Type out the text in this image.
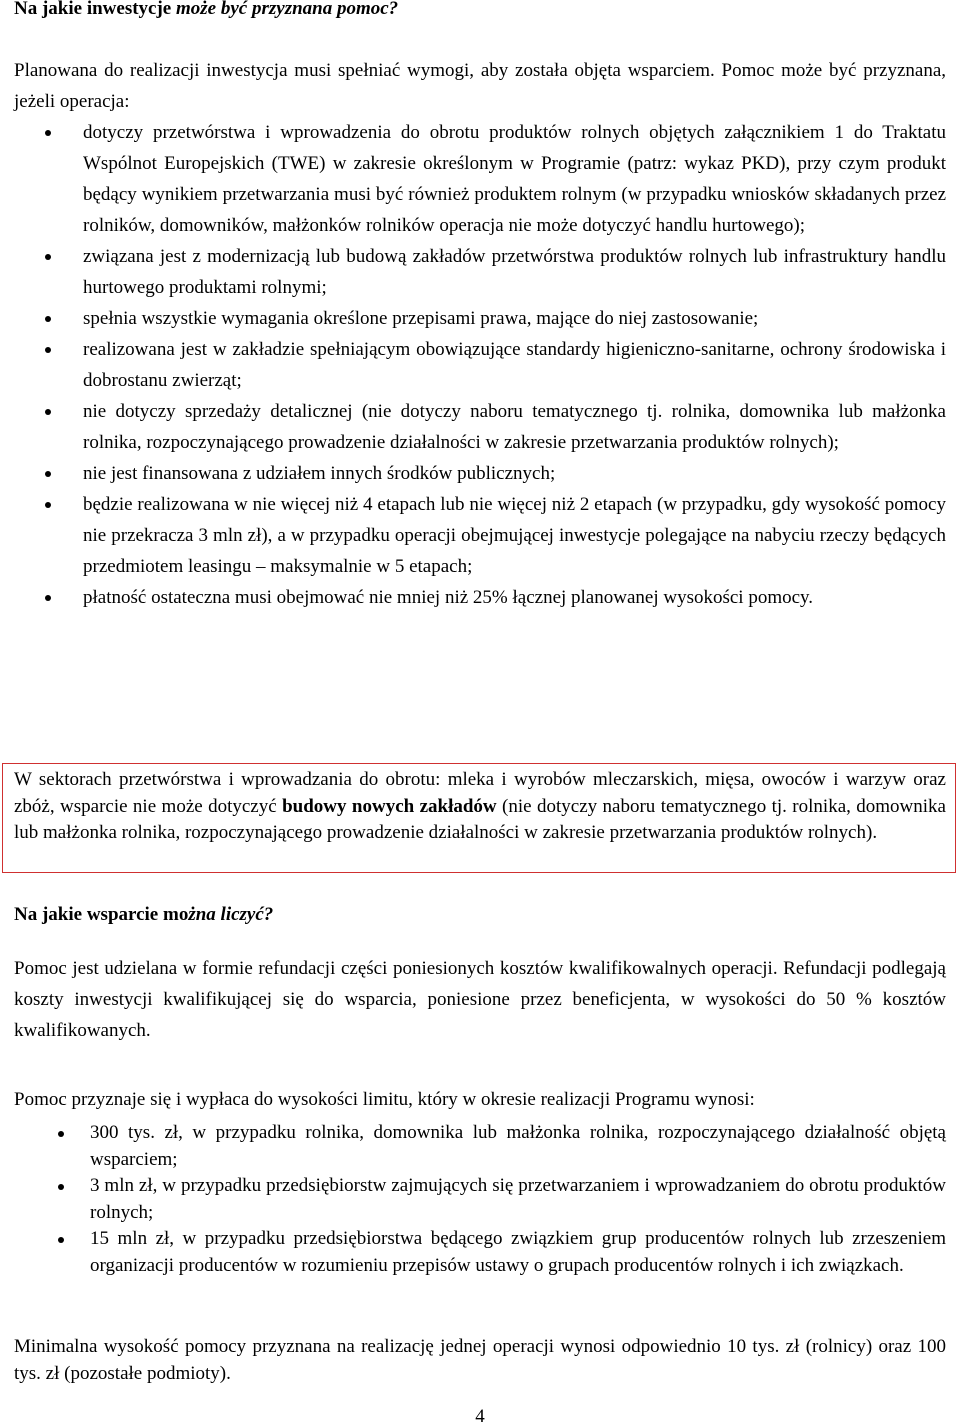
Na jakie inwestycje może być przyznana pomoc?
Planowana do realizacji inwestycja musi spełniać wymogi, aby została objęta wsparciem. Pomoc może być przyznana, jeżeli operacja:
dotyczy przetwórstwa i wprowadzenia do obrotu produktów rolnych objętych załącznikiem 1 do Traktatu Wspólnot Europejskich (TWE) w zakresie określonym w Programie (patrz: wykaz PKD), przy czym produkt będący wynikiem przetwarzania musi być również produktem rolnym (w przypadku wniosków składanych przez rolników, domowników, małżonków rolników operacja nie może dotyczyć handlu hurtowego);
związana jest z modernizacją lub budową zakładów przetwórstwa produktów rolnych lub infrastruktury handlu hurtowego produktami rolnymi;
spełnia wszystkie wymagania określone przepisami prawa, mające do niej zastosowanie;
realizowana jest w zakładzie spełniającym obowiązujące standardy higieniczno-sanitarne, ochrony środowiska i dobrostanu zwierząt;
nie dotyczy sprzedaży detalicznej (nie dotyczy naboru tematycznego tj. rolnika, domownika lub małżonka rolnika, rozpoczynającego prowadzenie działalności w zakresie przetwarzania produktów rolnych);
nie jest finansowana z udziałem innych środków publicznych;
będzie realizowana w nie więcej niż 4 etapach lub nie więcej niż 2 etapach (w przypadku, gdy wysokość pomocy nie przekracza 3 mln zł), a w przypadku operacji obejmującej inwestycje polegające na nabyciu rzeczy będących przedmiotem leasingu – maksymalnie w 5 etapach;
płatność ostateczna musi obejmować nie mniej niż 25% łącznej planowanej wysokości pomocy.
W sektorach przetwórstwa i wprowadzania do obrotu: mleka i wyrobów mleczarskich, mięsa, owoców i warzyw oraz zbóż, wsparcie nie może dotyczyć budowy nowych zakładów (nie dotyczy naboru tematycznego tj. rolnika, domownika lub małżonka rolnika, rozpoczynającego prowadzenie działalności w zakresie przetwarzania produktów rolnych).
Na jakie wsparcie można liczyć?
Pomoc jest udzielana w formie refundacji części poniesionych kosztów kwalifikowalnych operacji. Refundacji podlegają koszty inwestycji kwalifikującej się do wsparcia, poniesione przez beneficjenta, w wysokości do 50 % kosztów kwalifikowanych.
Pomoc przyznaje się i wypłaca do wysokości limitu, który w okresie realizacji Programu wynosi:
300 tys. zł, w przypadku rolnika, domownika lub małżonka rolnika, rozpoczynającego działalność objętą wsparciem;
3 mln zł, w przypadku przedsiębiorstw zajmujących się przetwarzaniem i wprowadzaniem do obrotu produktów rolnych;
15 mln zł, w przypadku przedsiębiorstwa będącego związkiem grup producentów rolnych lub zrzeszeniem organizacji producentów w rozumieniu przepisów ustawy o grupach producentów rolnych i ich związkach.
Minimalna wysokość pomocy przyznana na realizację jednej operacji wynosi odpowiednio 10 tys. zł (rolnicy) oraz 100 tys. zł (pozostałe podmioty).
4
